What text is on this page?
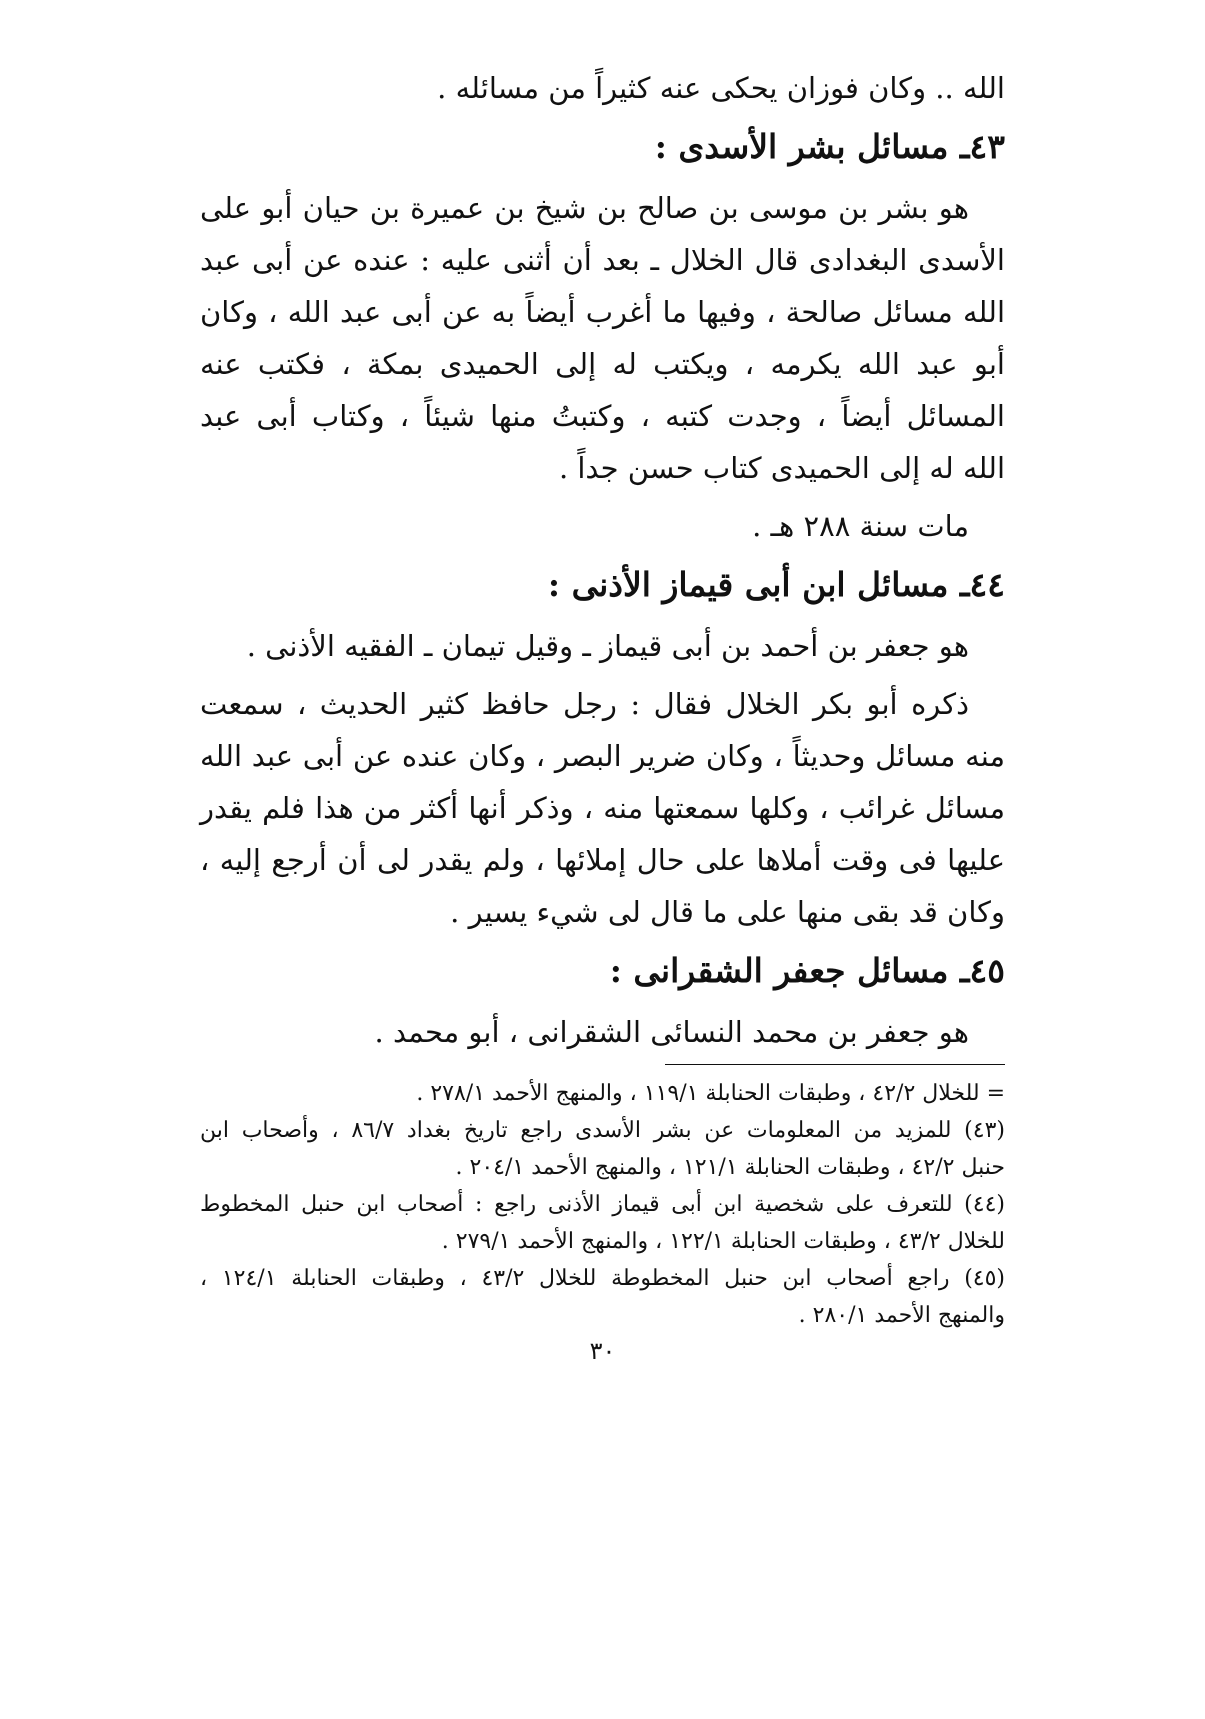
الله .. وكان فوزان يحكى عنه كثيراً من مسائله .
٤٣ـ مسائل بشر الأسدى :
هو بشر بن موسى بن صالح بن شيخ بن عميرة بن حيان أبو على
الأسدى البغدادى قال الخلال ـ بعد أن أثنى عليه : عنده عن أبى عبد
الله مسائل صالحة ، وفيها ما أغرب أيضاً به عن أبى عبد الله ، وكان
أبو عبد الله يكرمه ، ويكتب له إلى الحميدى بمكة ، فكتب عنه
المسائل أيضاً ، وجدت كتبه ، وكتبتُ منها شيئاً ، وكتاب أبى عبد
الله له إلى الحميدى كتاب حسن جداً .
مات سنة ٢٨٨ هـ .
٤٤ـ مسائل ابن أبى قيماز الأذنى :
هو جعفر بن أحمد بن أبى قيماز ـ وقيل تيمان ـ الفقيه الأذنى .
ذكره أبو بكر الخلال فقال : رجل حافظ كثير الحديث ، سمعت
منه مسائل وحديثاً ، وكان ضرير البصر ، وكان عنده عن أبى عبد الله
مسائل غرائب ، وكلها سمعتها منه ، وذكر أنها أكثر من هذا فلم يقدر
عليها فى وقت أملاها على حال إملائها ، ولم يقدر لى أن أرجع إليه ،
وكان قد بقى منها على ما قال لى شيء يسير .
٤٥ـ مسائل جعفر الشقرانى :
هو جعفر بن محمد النسائى الشقرانى ، أبو محمد .
= للخلال ٤٢/٢ ، وطبقات الحنابلة ١١٩/١ ، والمنهج الأحمد ٢٧٨/١ .
(٤٣) للمزيد من المعلومات عن بشر الأسدى راجع تاريخ بغداد ٨٦/٧ ، وأصحاب ابن
حنبل ٤٢/٢ ، وطبقات الحنابلة ١٢١/١ ، والمنهج الأحمد ٢٠٤/١ .
(٤٤) للتعرف على شخصية ابن أبى قيماز الأذنى راجع : أصحاب ابن حنبل المخطوط
للخلال ٤٣/٢ ، وطبقات الحنابلة ١٢٢/١ ، والمنهج الأحمد ٢٧٩/١ .
(٤٥) راجع أصحاب ابن حنبل المخطوطة للخلال ٤٣/٢ ، وطبقات الحنابلة ١٢٤/١ ،
والمنهج الأحمد ٢٨٠/١ .
٣٠
